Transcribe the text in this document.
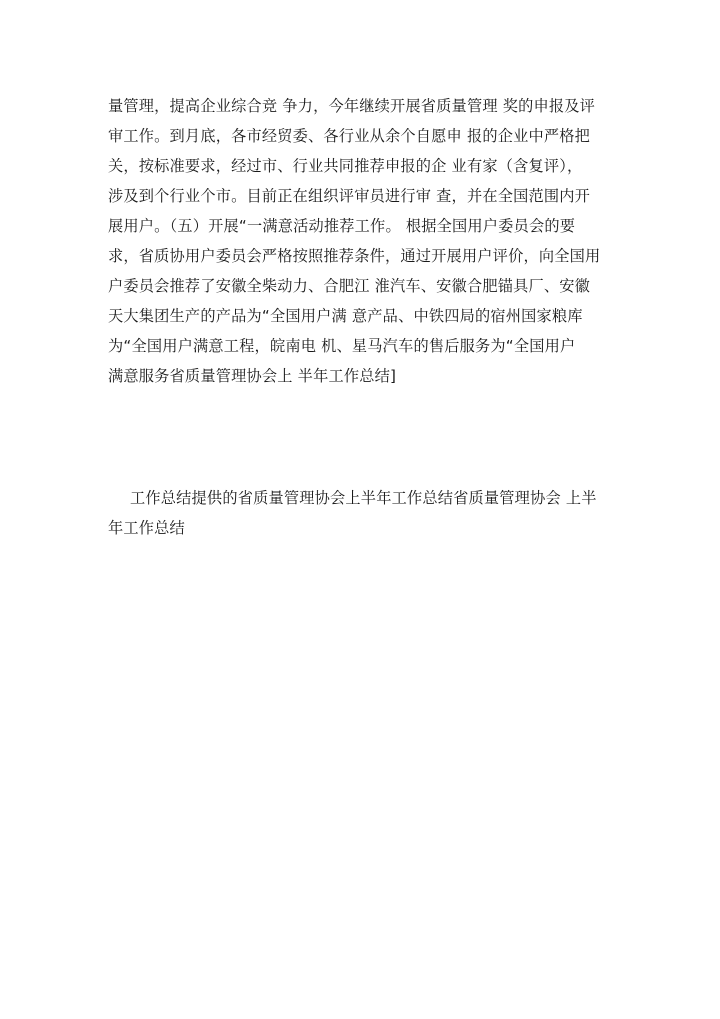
量管理，提高企业综合竞 争力，今年继续开展省质量管理 奖的申报及评
审工作。到月底，各市经贸委、各行业从余个自愿申 报的企业中严格把
关，按标准要求，经过市、行业共同推荐申报的企 业有家（含复评），
涉及到个行业个市。目前正在组织评审员进行审 查，并在全国范围内开
展用户。（五）开展“一满意活动推荐工作。 根据全国用户委员会的要
求，省质协用户委员会严格按照推荐条件，通过开展用户评价，向全国用
户委员会推荐了安徽全柴动力、合肥江 淮汽车、安徽合肥锚具厂、安徽
天大集团生产的产品为“全国用户满 意产品、中铁四局的宿州国家粮库
为“全国用户满意工程，皖南电 机、星马汽车的售后服务为“全国用户
满意服务省质量管理协会上 半年工作总结]
工作总结提供的省质量管理协会上半年工作总结省质量管理协会 上半
年工作总结
